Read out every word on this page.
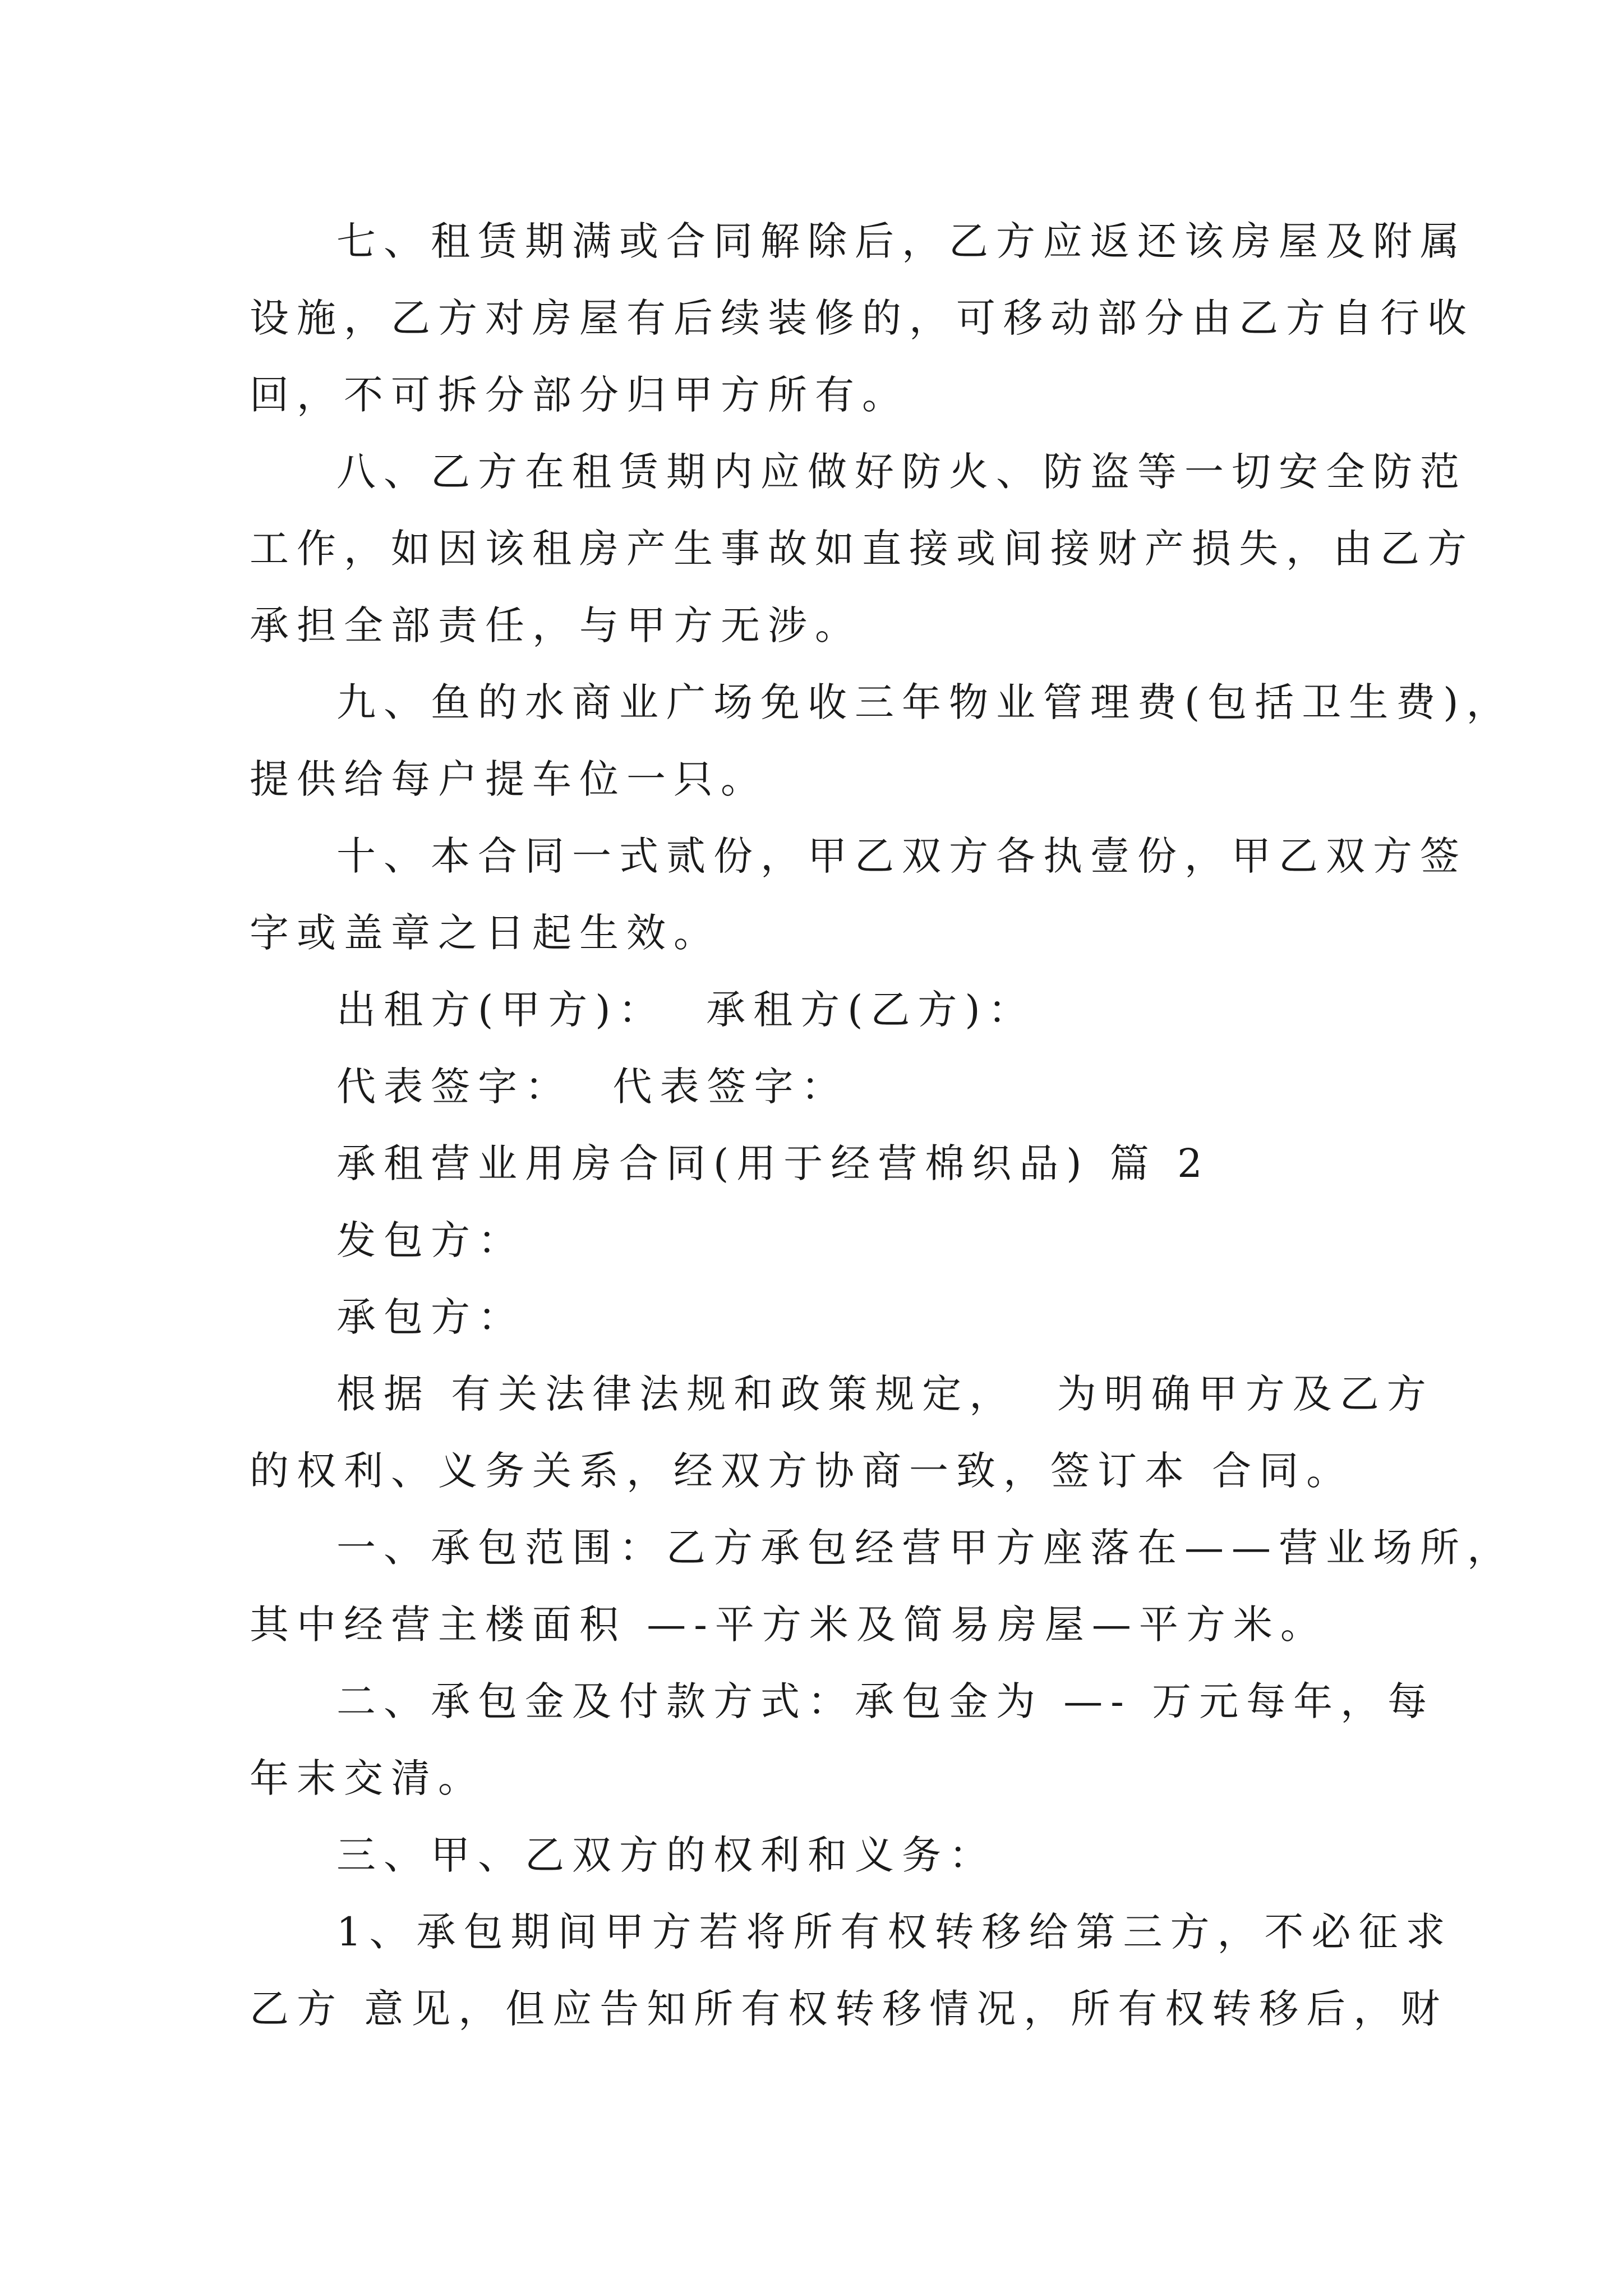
七、租赁期满或合同解除后，乙方应返还该房屋及附属
设施，乙方对房屋有后续装修的，可移动部分由乙方自行收
回，不可拆分部分归甲方所有。
八、乙方在租赁期内应做好防火、防盗等一切安全防范
工作，如因该租房产生事故如直接或间接财产损失，由乙方
承担全部责任，与甲方无涉。
九、鱼的水商业广场免收三年物业管理费(包括卫生费)，
提供给每户提车位一只。
十、本合同一式贰份，甲乙双方各执壹份，甲乙双方签
字或盖章之日起生效。
出租方(甲方)：  承租方(乙方)：
代表签字：  代表签字：
承租营业用房合同(用于经营棉织品) 篇 2
发包方：
承包方：
根据 有关法律法规和政策规定，  为明确甲方及乙方
的权利、义务关系，经双方协商一致，签订本 合同。
一、承包范围：乙方承包经营甲方座落在——营业场所，
其中经营主楼面积 —-平方米及简易房屋—平方米。
二、承包金及付款方式：承包金为 —- 万元每年，每
年末交清。
三、甲、乙双方的权利和义务：
1、承包期间甲方若将所有权转移给第三方，不必征求
乙方 意见，但应告知所有权转移情况，所有权转移后，财
